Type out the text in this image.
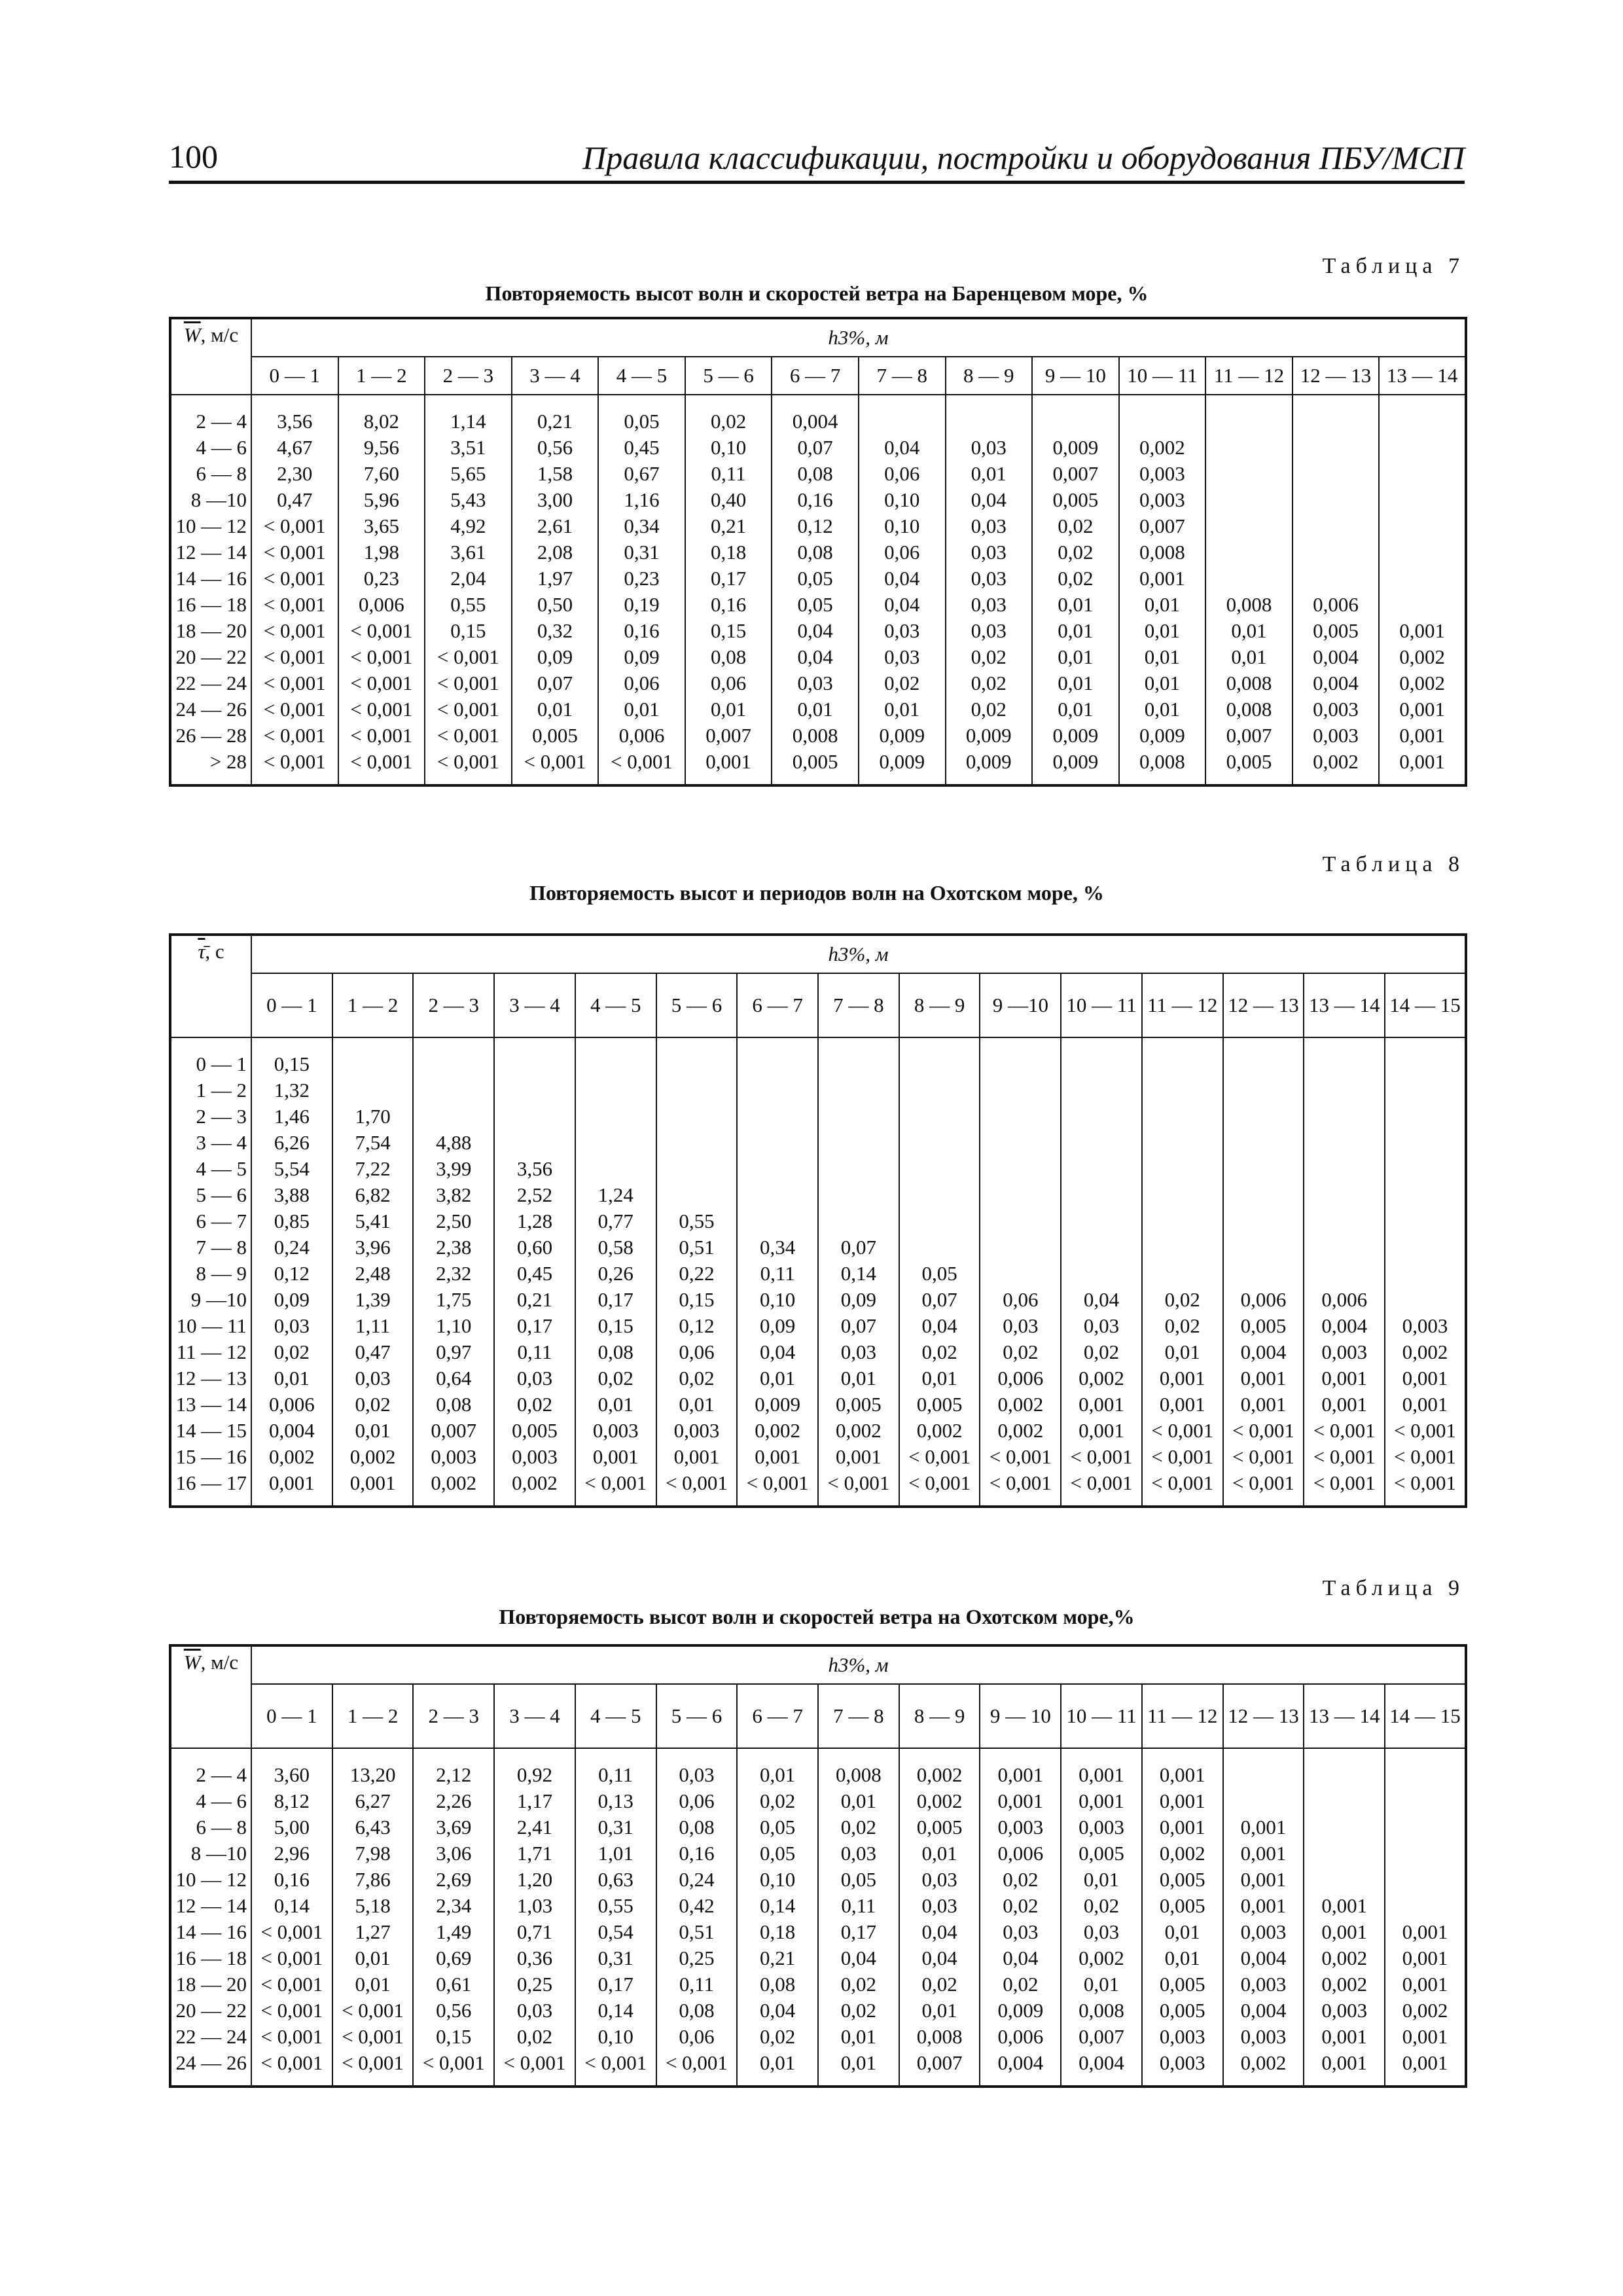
100	Правила классификации, постройки и оборудования ПБУ/МСП
Таблица 7
Повторяемость высот волн и скоростей ветра на Баренцевом море, %
$\overline{W}$, м/с	h3%, м													
	0 — 1	1 — 2	2 — 3	3 — 4	4 — 5	5 — 6	6 — 7	7 — 8	8 — 9	9 — 10	10 — 11	11 — 12	12 — 13	13 — 14

2 — 4	3,56	8,02	1,14	0,21	0,05	0,02	0,004							
4 — 6	4,67	9,56	3,51	0,56	0,45	0,10	0,07	0,04	0,03	0,009	0,002			
6 — 8	2,30	7,60	5,65	1,58	0,67	0,11	0,08	0,06	0,01	0,007	0,003			
8 —10	0,47	5,96	5,43	3,00	1,16	0,40	0,16	0,10	0,04	0,005	0,003			
10 — 12	< 0,001	3,65	4,92	2,61	0,34	0,21	0,12	0,10	0,03	0,02	0,007			
12 — 14	< 0,001	1,98	3,61	2,08	0,31	0,18	0,08	0,06	0,03	0,02	0,008			
14 — 16	< 0,001	0,23	2,04	1,97	0,23	0,17	0,05	0,04	0,03	0,02	0,001			
16 — 18	< 0,001	0,006	0,55	0,50	0,19	0,16	0,05	0,04	0,03	0,01	0,01	0,008	0,006	
18 — 20	< 0,001	< 0,001	0,15	0,32	0,16	0,15	0,04	0,03	0,03	0,01	0,01	0,01	0,005	0,001
20 — 22	< 0,001	< 0,001	< 0,001	0,09	0,09	0,08	0,04	0,03	0,02	0,01	0,01	0,01	0,004	0,002
22 — 24	< 0,001	< 0,001	< 0,001	0,07	0,06	0,06	0,03	0,02	0,02	0,01	0,01	0,008	0,004	0,002
24 — 26	< 0,001	< 0,001	< 0,001	0,01	0,01	0,01	0,01	0,01	0,02	0,01	0,01	0,008	0,003	0,001
26 — 28	< 0,001	< 0,001	< 0,001	0,005	0,006	0,007	0,008	0,009	0,009	0,009	0,009	0,007	0,003	0,001
> 28	< 0,001	< 0,001	< 0,001	< 0,001	< 0,001	0,001	0,005	0,009	0,009	0,009	0,008	0,005	0,002	0,001

Таблица 8
Повторяемость высот и периодов волн на Охотском море, %
τ̄, с	h3%, м														
	0 — 1	1 — 2	2 — 3	3 — 4	4 — 5	5 — 6	6 — 7	7 — 8	8 — 9	9 —10	10 — 11	11 — 12	12 — 13	13 — 14	14 — 15

0 — 1	0,15														
1 — 2	1,32														
2 — 3	1,46	1,70													
3 — 4	6,26	7,54	4,88												
4 — 5	5,54	7,22	3,99	3,56											
5 — 6	3,88	6,82	3,82	2,52	1,24										
6 — 7	0,85	5,41	2,50	1,28	0,77	0,55									
7 — 8	0,24	3,96	2,38	0,60	0,58	0,51	0,34	0,07							
8 — 9	0,12	2,48	2,32	0,45	0,26	0,22	0,11	0,14	0,05						
9 —10	0,09	1,39	1,75	0,21	0,17	0,15	0,10	0,09	0,07	0,06	0,04	0,02	0,006	0,006	
10 — 11	0,03	1,11	1,10	0,17	0,15	0,12	0,09	0,07	0,04	0,03	0,03	0,02	0,005	0,004	0,003
11 — 12	0,02	0,47	0,97	0,11	0,08	0,06	0,04	0,03	0,02	0,02	0,02	0,01	0,004	0,003	0,002
12 — 13	0,01	0,03	0,64	0,03	0,02	0,02	0,01	0,01	0,01	0,006	0,002	0,001	0,001	0,001	0,001
13 — 14	0,006	0,02	0,08	0,02	0,01	0,01	0,009	0,005	0,005	0,002	0,001	0,001	0,001	0,001	0,001
14 — 15	0,004	0,01	0,007	0,005	0,003	0,003	0,002	0,002	0,002	0,002	0,001	< 0,001	< 0,001	< 0,001	< 0,001
15 — 16	0,002	0,002	0,003	0,003	0,001	0,001	0,001	0,001	< 0,001	< 0,001	< 0,001	< 0,001	< 0,001	< 0,001	< 0,001
16 — 17	0,001	0,001	0,002	0,002	< 0,001	< 0,001	< 0,001	< 0,001	< 0,001	< 0,001	< 0,001	< 0,001	< 0,001	< 0,001	< 0,001

Таблица 9
Повторяемость высот волн и скоростей ветра на Охотском море,%
$\overline{W}$, м/с	h3%, м														
	0 — 1	1 — 2	2 — 3	3 — 4	4 — 5	5 — 6	6 — 7	7 — 8	8 — 9	9 — 10	10 — 11	11 — 12	12 — 13	13 — 14	14 — 15

2 — 4	3,60	13,20	2,12	0,92	0,11	0,03	0,01	0,008	0,002	0,001	0,001	0,001			
4 — 6	8,12	6,27	2,26	1,17	0,13	0,06	0,02	0,01	0,002	0,001	0,001	0,001			
6 — 8	5,00	6,43	3,69	2,41	0,31	0,08	0,05	0,02	0,005	0,003	0,003	0,001	0,001		
8 —10	2,96	7,98	3,06	1,71	1,01	0,16	0,05	0,03	0,01	0,006	0,005	0,002	0,001		
10 — 12	0,16	7,86	2,69	1,20	0,63	0,24	0,10	0,05	0,03	0,02	0,01	0,005	0,001		
12 — 14	0,14	5,18	2,34	1,03	0,55	0,42	0,14	0,11	0,03	0,02	0,02	0,005	0,001	0,001	
14 — 16	< 0,001	1,27	1,49	0,71	0,54	0,51	0,18	0,17	0,04	0,03	0,03	0,01	0,003	0,001	0,001
16 — 18	< 0,001	0,01	0,69	0,36	0,31	0,25	0,21	0,04	0,04	0,04	0,002	0,01	0,004	0,002	0,001
18 — 20	< 0,001	0,01	0,61	0,25	0,17	0,11	0,08	0,02	0,02	0,02	0,01	0,005	0,003	0,002	0,001
20 — 22	< 0,001	< 0,001	0,56	0,03	0,14	0,08	0,04	0,02	0,01	0,009	0,008	0,005	0,004	0,003	0,002
22 — 24	< 0,001	< 0,001	0,15	0,02	0,10	0,06	0,02	0,01	0,008	0,006	0,007	0,003	0,003	0,001	0,001
24 — 26	< 0,001	< 0,001	< 0,001	< 0,001	< 0,001	< 0,001	0,01	0,01	0,007	0,004	0,004	0,003	0,002	0,001	0,001
